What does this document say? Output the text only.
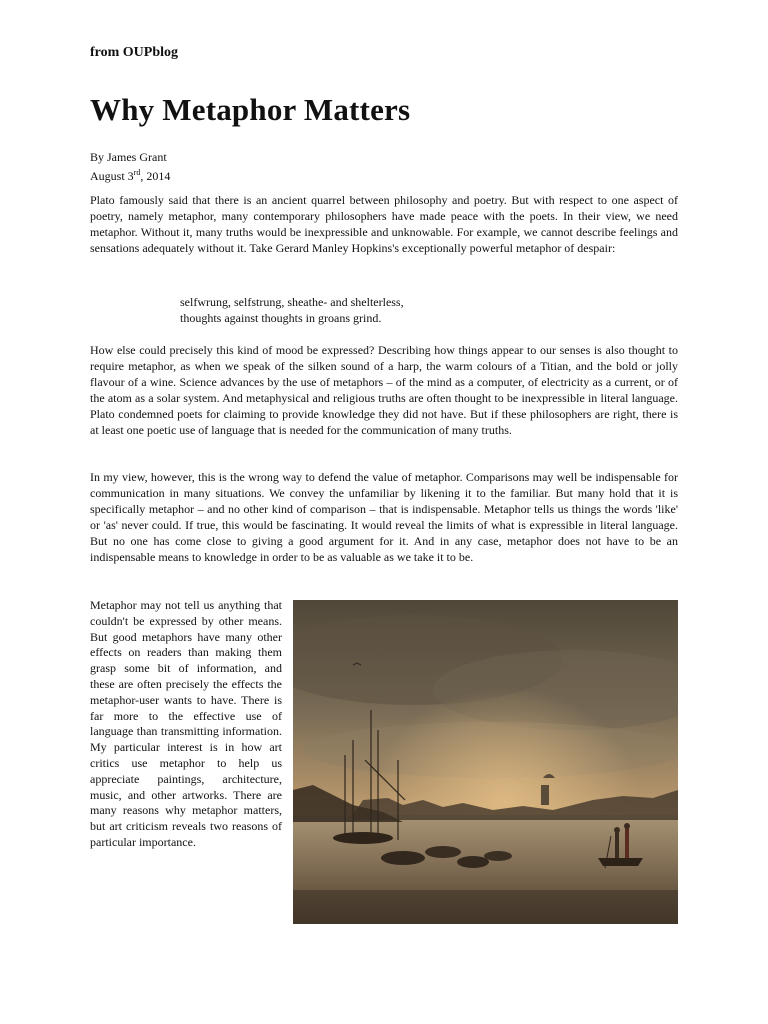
from OUPblog
Why Metaphor Matters
By James Grant
August 3rd, 2014

Plato famously said that there is an ancient quarrel between philosophy and poetry. But with respect to one aspect of poetry, namely metaphor, many contemporary philosophers have made peace with the poets. In their view, we need metaphor. Without it, many truths would be inexpressible and unknowable. For example, we cannot describe feelings and sensations adequately without it. Take Gerard Manley Hopkins's exceptionally powerful metaphor of despair:

selfwrung, selfstrung, sheathe- and shelterless,
thoughts against thoughts in groans grind.

How else could precisely this kind of mood be expressed? Describing how things appear to our senses is also thought to require metaphor, as when we speak of the silken sound of a harp, the warm colours of a Titian, and the bold or jolly flavour of a wine. Science advances by the use of metaphors – of the mind as a computer, of electricity as a current, or of the atom as a solar system. And metaphysical and religious truths are often thought to be inexpressible in literal language. Plato condemned poets for claiming to provide knowledge they did not have. But if these philosophers are right, there is at least one poetic use of language that is needed for the communication of many truths.

In my view, however, this is the wrong way to defend the value of metaphor. Comparisons may well be indispensable for communication in many situations. We convey the unfamiliar by likening it to the familiar. But many hold that it is specifically metaphor – and no other kind of comparison – that is indispensable. Metaphor tells us things the words 'like' or 'as' never could. If true, this would be fascinating. It would reveal the limits of what is expressible in literal language. But no one has come close to giving a good argument for it. And in any case, metaphor does not have to be an indispensable means to knowledge in order to be as valuable as we take it to be.

Metaphor may not tell us anything that couldn't be expressed by other means. But good metaphors have many other effects on readers than making them grasp some bit of information, and these are often precisely the effects the metaphor-user wants to have. There is far more to the effective use of language than transmitting information. My particular interest is in how art critics use metaphor to help us appreciate paintings, architecture, music, and other artworks. There are many reasons why metaphor matters, but art criticism reveals two reasons of particular importance.
